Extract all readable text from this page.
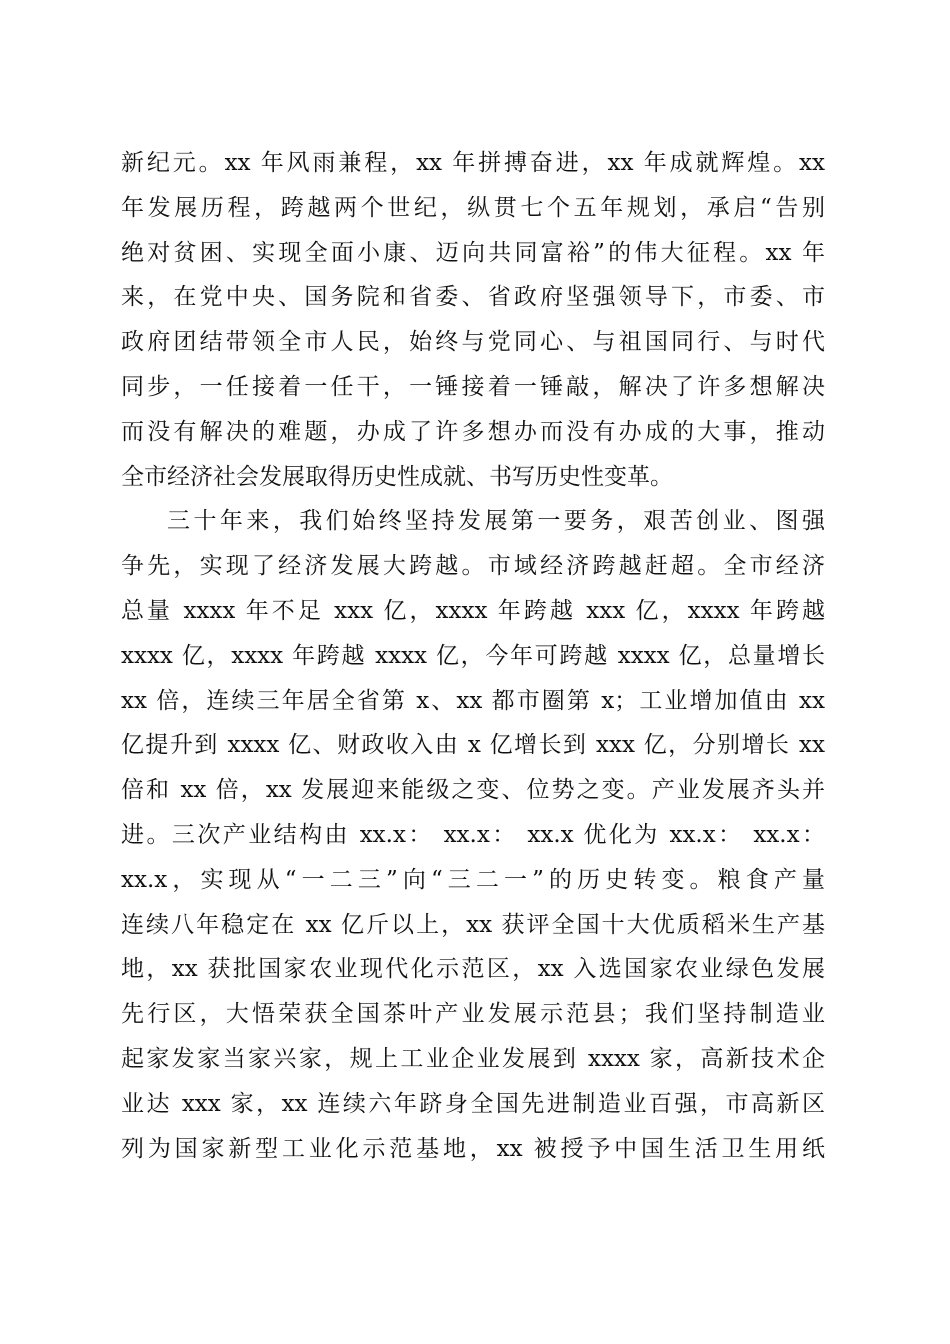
新纪元。xx 年风雨兼程，xx 年拼搏奋进，xx 年成就辉煌。xx
年发展历程，跨越两个世纪，纵贯七个五年规划，承启“告别
绝对贫困、实现全面小康、迈向共同富裕”的伟大征程。xx 年
来，在党中央、国务院和省委、省政府坚强领导下，市委、市
政府团结带领全市人民，始终与党同心、与祖国同行、与时代
同步，一任接着一任干，一锤接着一锤敲，解决了许多想解决
而没有解决的难题，办成了许多想办而没有办成的大事，推动
全市经济社会发展取得历史性成就、书写历史性变革。
三十年来，我们始终坚持发展第一要务，艰苦创业、图强
争先，实现了经济发展大跨越。市域经济跨越赶超。全市经济
总量 xxxx 年不足 xxx 亿，xxxx 年跨越 xxx 亿，xxxx 年跨越
xxxx 亿，xxxx 年跨越 xxxx 亿，今年可跨越 xxxx 亿，总量增长
xx 倍，连续三年居全省第 x、xx 都市圈第 x；工业增加值由 xx
亿提升到 xxxx 亿、财政收入由 x 亿增长到 xxx 亿，分别增长 xx
倍和 xx 倍，xx 发展迎来能级之变、位势之变。产业发展齐头并
进。三次产业结构由 xx.x： xx.x： xx.x 优化为 xx.x： xx.x：
xx.x，实现从“一二三”向“三二一”的历史转变。粮食产量
连续八年稳定在 xx 亿斤以上，xx 获评全国十大优质稻米生产基
地，xx 获批国家农业现代化示范区，xx 入选国家农业绿色发展
先行区，大悟荣获全国茶叶产业发展示范县；我们坚持制造业
起家发家当家兴家，规上工业企业发展到 xxxx 家，高新技术企
业达 xxx 家，xx 连续六年跻身全国先进制造业百强，市高新区
列为国家新型工业化示范基地，xx 被授予中国生活卫生用纸
